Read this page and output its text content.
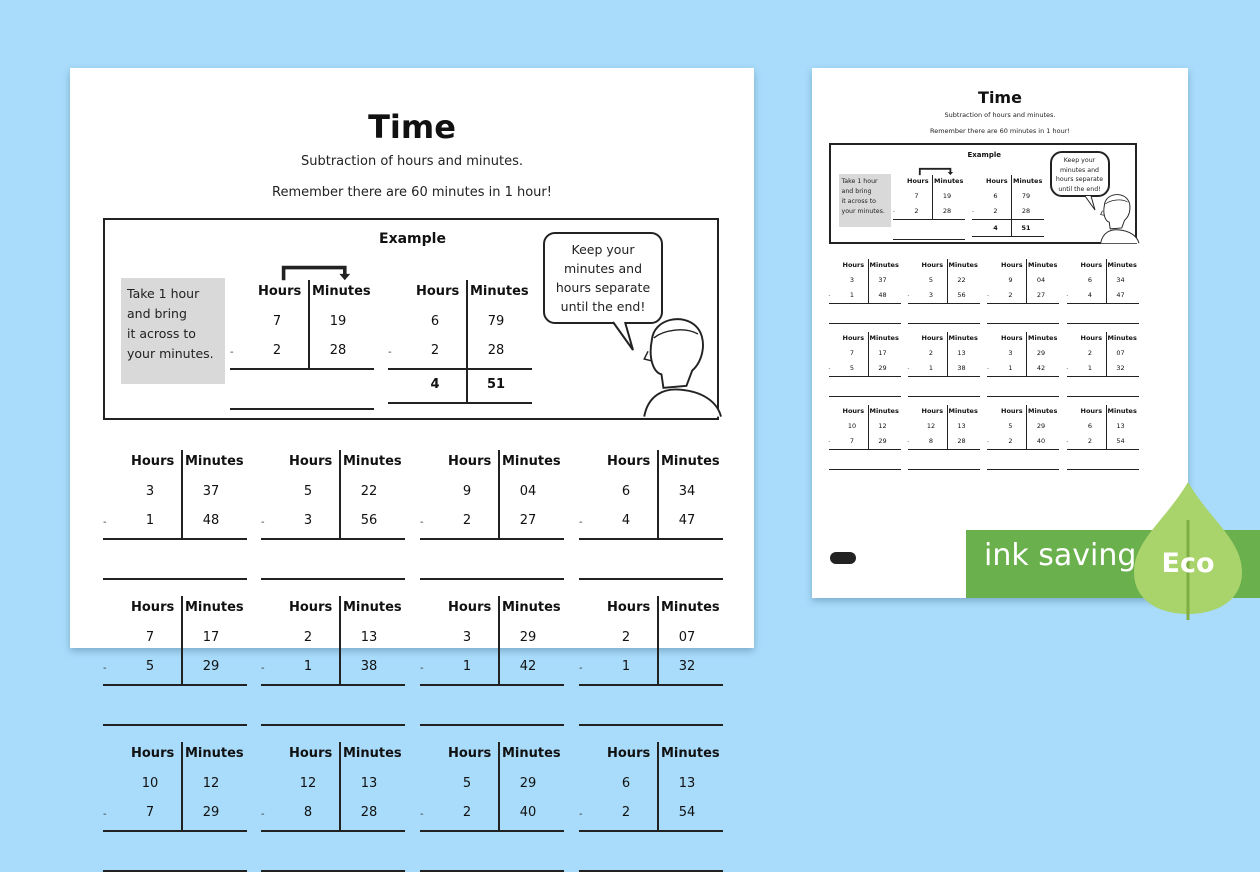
Time
Subtraction of hours and minutes.
Remember there are 60 minutes in 1 hour!
Example
Take 1 hour
and bring
it across to
your minutes.
Keep your
minutes and
hours separate
until the end!
Hours Minutes
7	19
2	28
-
Hours Minutes
6	79
2	28
-
4	51
Hours Minutes
3	37
1	48
-
Hours Minutes
5	22
3	56
-
Hours Minutes
9	04
2	27
-
Hours Minutes
6	34
4	47
-
Hours Minutes
7	17
5	29
-
Hours Minutes
2	13
1	38
-
Hours Minutes
3	29
1	42
-
Hours Minutes
2	07
1	32
-
Hours Minutes
10	12
7	29
-
Hours Minutes
12	13
8	28
-
Hours Minutes
5	29
2	40
-
Hours Minutes
6	13
2	54
-
Time
Subtraction of hours and minutes.
Remember there are 60 minutes in 1 hour!
Example
Take 1 hour
and bring
it across to
your minutes.
Keep your
minutes and
hours separate
until the end!
Hours Minutes
7	19
2	28
-
Hours Minutes
6	79
2	28
-
4	51
Hours Minutes
3	37
1	48
-
Hours Minutes
5	22
3	56
-
Hours Minutes
9	04
2	27
-
Hours Minutes
6	34
4	47
-
Hours Minutes
7	17
5	29
-
Hours Minutes
2	13
1	38
-
Hours Minutes
3	29
1	42
-
Hours Minutes
2	07
1	32
-
Hours Minutes
10	12
7	29
-
Hours Minutes
12	13
8	28
-
Hours Minutes
5	29
2	40
-
Hours Minutes
6	13
2	54
-
ink saving Eco
